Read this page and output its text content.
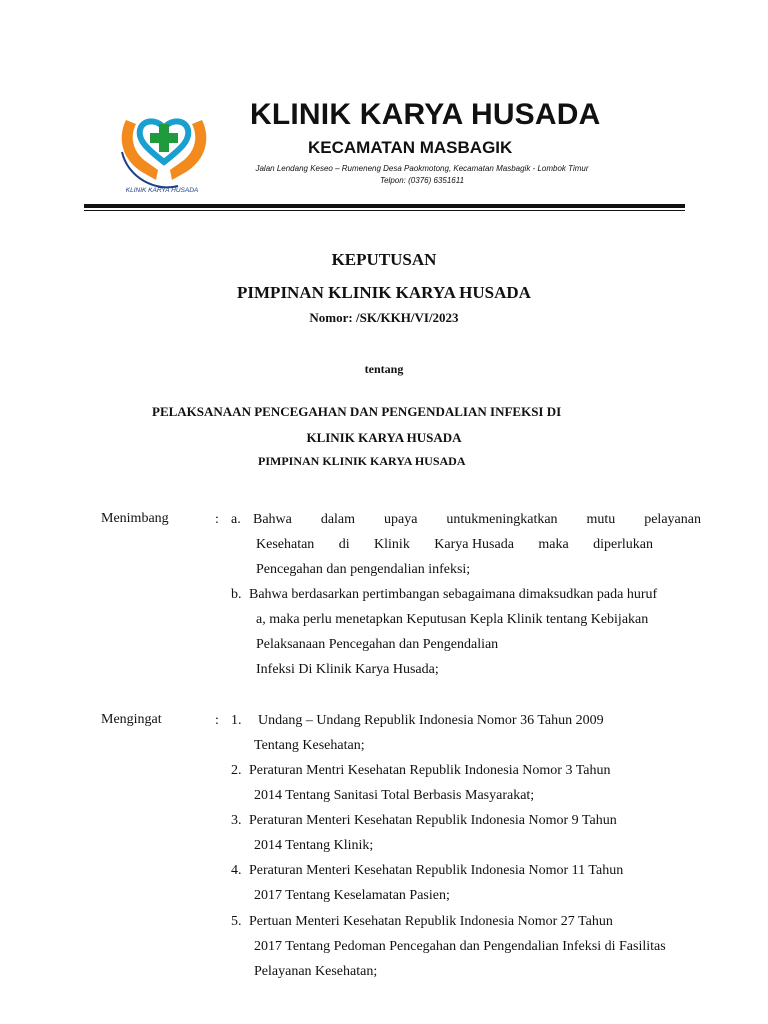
KLINIK KARYA HUSADA
KLINIK KARYA HUSADA
KECAMATAN MASBAGIK
Jalan Lendang Keseo – Rumeneng Desa Paokmotong, Kecamatan Masbagik - Lombok Timur
Telpon: (0376) 6351611
KEPUTUSAN
PIMPINAN KLINIK KARYA HUSADA
Nomor: /SK/KKH/VI/2023
tentang
PELAKSANAAN PENCEGAHAN DAN PENGENDALIAN INFEKSI DI
KLINIK KARYA HUSADA
PIMPINAN KLINIK KARYA HUSADA
Menimbang	: a. Bahwa dalam upaya untukmeningkatkan mutu pelayanan
Kesehatan di Klinik Karya Husada maka diperlukan
Pencegahan dan pengendalian infeksi;
b. Bahwa berdasarkan pertimbangan sebagaimana dimaksudkan pada huruf
a, maka perlu menetapkan Keputusan Kepla Klinik tentang Kebijakan
Pelaksanaan Pencegahan dan Pengendalian
Infeksi Di Klinik Karya Husada;
Mengingat	: 1. Undang – Undang Republik Indonesia Nomor 36 Tahun 2009
Tentang Kesehatan;
2. Peraturan Mentri Kesehatan Republik Indonesia Nomor 3 Tahun
2014 Tentang Sanitasi Total Berbasis Masyarakat;
3. Peraturan Menteri Kesehatan Republik Indonesia Nomor 9 Tahun
2014 Tentang Klinik;
4. Peraturan Menteri Kesehatan Republik Indonesia Nomor 11 Tahun
2017 Tentang Keselamatan Pasien;
5. Pertuan Menteri Kesehatan Republik Indonesia Nomor 27 Tahun
2017 Tentang Pedoman Pencegahan dan Pengendalian Infeksi di Fasilitas
Pelayanan Kesehatan;
